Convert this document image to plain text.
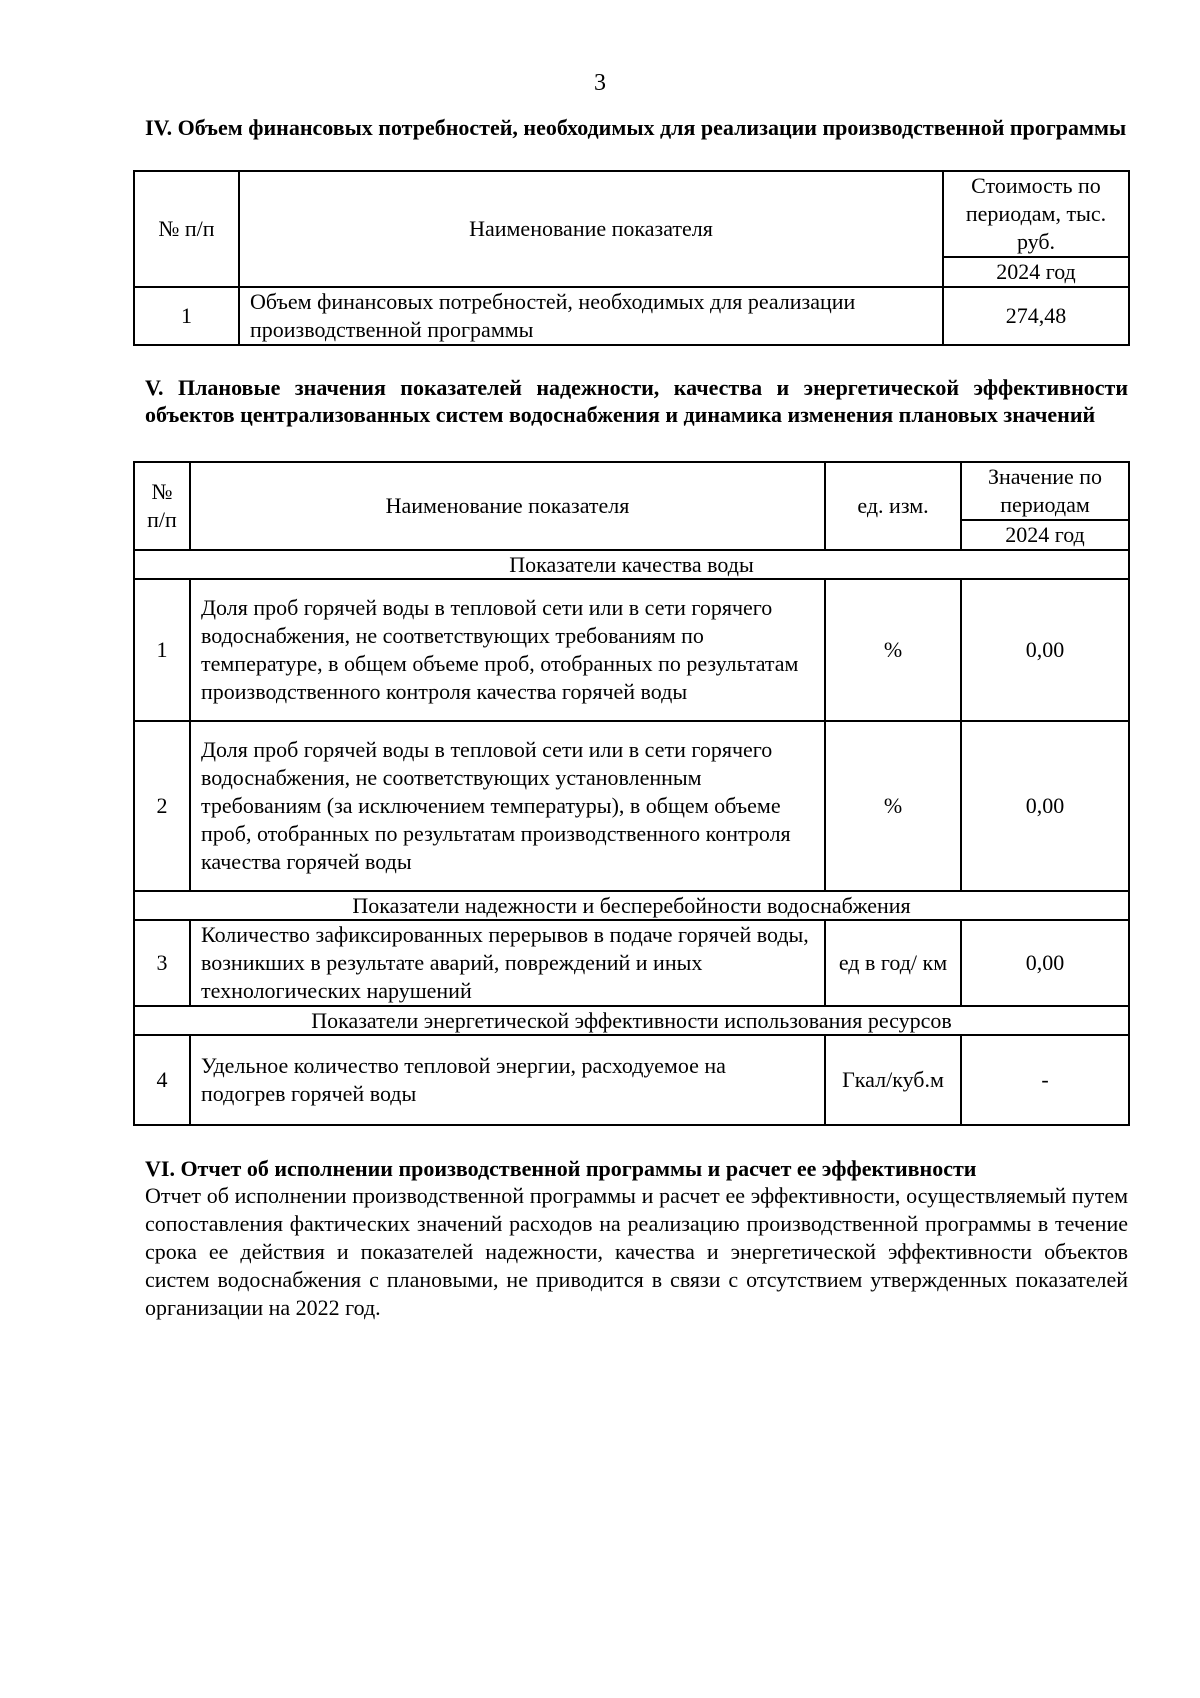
3
IV. Объем финансовых потребностей, необходимых для реализации производственной программы
№ п/п	Наименование показателя	Стоимость по периодам, тыс. руб.
		2024 год
1	Объем финансовых потребностей, необходимых для реализации производственной программы	274,48
V. Плановые значения показателей надежности, качества и энергетической эффективности объектов централизованных систем водоснабжения и динамика изменения плановых значений
№ п/п	Наименование показателя	ед. изм.	Значение по периодам
			2024 год
Показатели качества воды			
1	Доля проб горячей воды в тепловой сети или в сети горячего водоснабжения, не соответствующих требованиям по температуре, в общем объеме проб, отобранных по результатам производственного контроля качества горячей воды	%	0,00
2	Доля проб горячей воды в тепловой сети или в сети горячего водоснабжения, не соответствующих установленным требованиям (за исключением температуры), в общем объеме проб, отобранных по результатам производственного контроля качества горячей воды	%	0,00
Показатели надежности и бесперебойности водоснабжения			
3	Количество зафиксированных перерывов в подаче горячей воды, возникших в результате аварий, повреждений и иных технологических нарушений	ед в год/ км	0,00
Показатели энергетической эффективности использования ресурсов			
4	Удельное количество тепловой энергии, расходуемое на подогрев горячей воды	Гкал/куб.м	-
VI. Отчет об исполнении производственной программы и расчет ее эффективности
Отчет об исполнении производственной программы и расчет ее эффективности, осуществляемый путем сопоставления фактических значений расходов на реализацию производственной программы в течение срока ее действия и показателей надежности, качества и энергетической эффективности объектов систем водоснабжения с плановыми, не приводится в связи с отсутствием утвержденных показателей организации на 2022 год.
